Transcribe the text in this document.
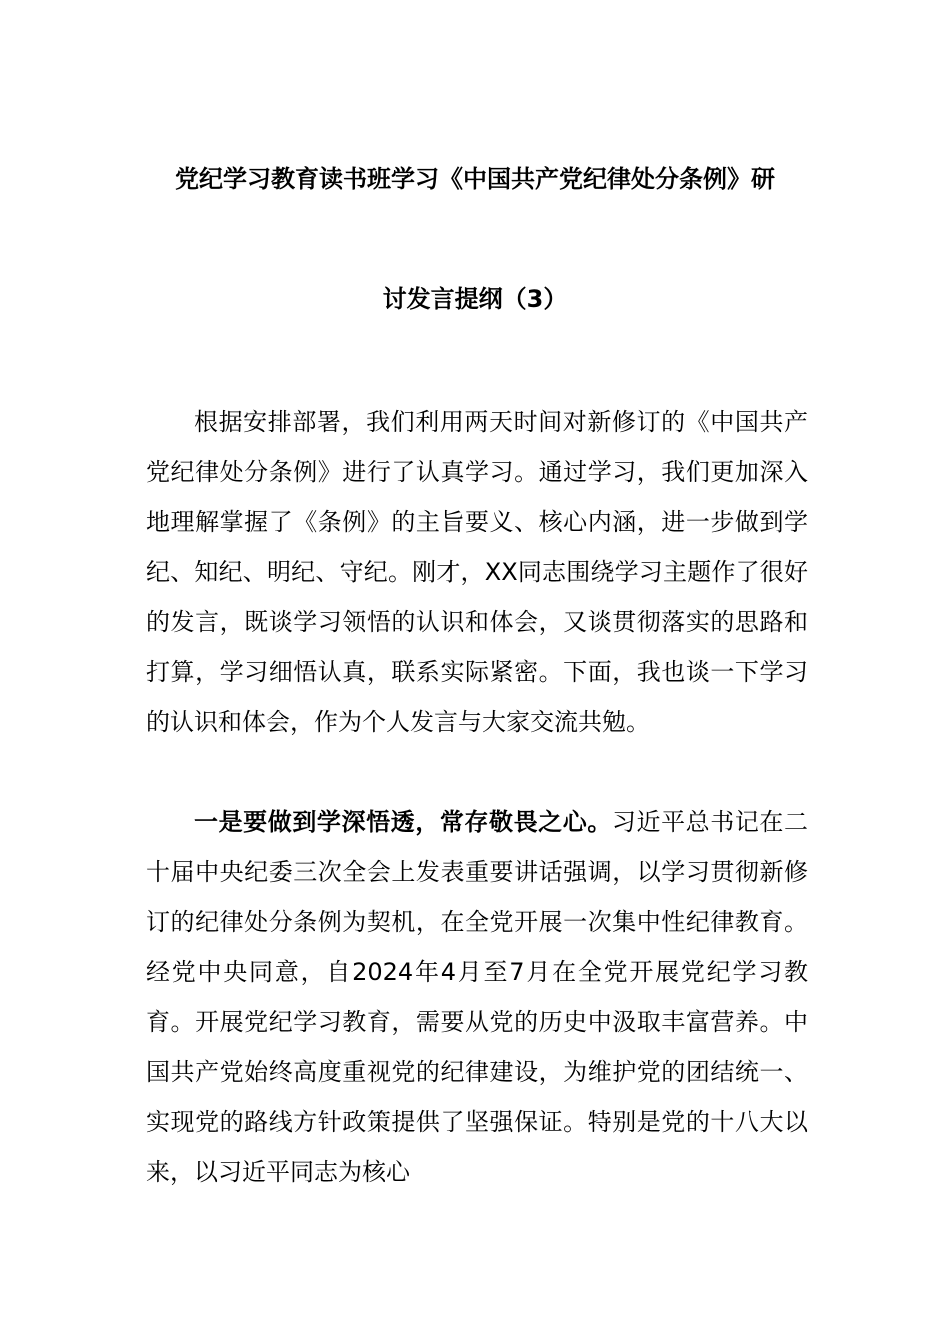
党纪学习教育读书班学习《中国共产党纪律处分条例》研
讨发言提纲（3）

根据安排部署，我们利用两天时间对新修订的《中国共产党纪律处分条例》进行了认真学习。通过学习，我们更加深入地理解掌握了《条例》的主旨要义、核心内涵，进一步做到学纪、知纪、明纪、守纪。刚才，XX同志围绕学习主题作了很好的发言，既谈学习领悟的认识和体会，又谈贯彻落实的思路和打算，学习细悟认真，联系实际紧密。下面，我也谈一下学习的认识和体会，作为个人发言与大家交流共勉。

一是要做到学深悟透，常存敬畏之心。习近平总书记在二十届中央纪委三次全会上发表重要讲话强调，以学习贯彻新修订的纪律处分条例为契机，在全党开展一次集中性纪律教育。经党中央同意，自2024年4月至7月在全党开展党纪学习教育。开展党纪学习教育，需要从党的历史中汲取丰富营养。中国共产党始终高度重视党的纪律建设，为维护党的团结统一、实现党的路线方针政策提供了坚强保证。特别是党的十八大以来，以习近平同志为核心
